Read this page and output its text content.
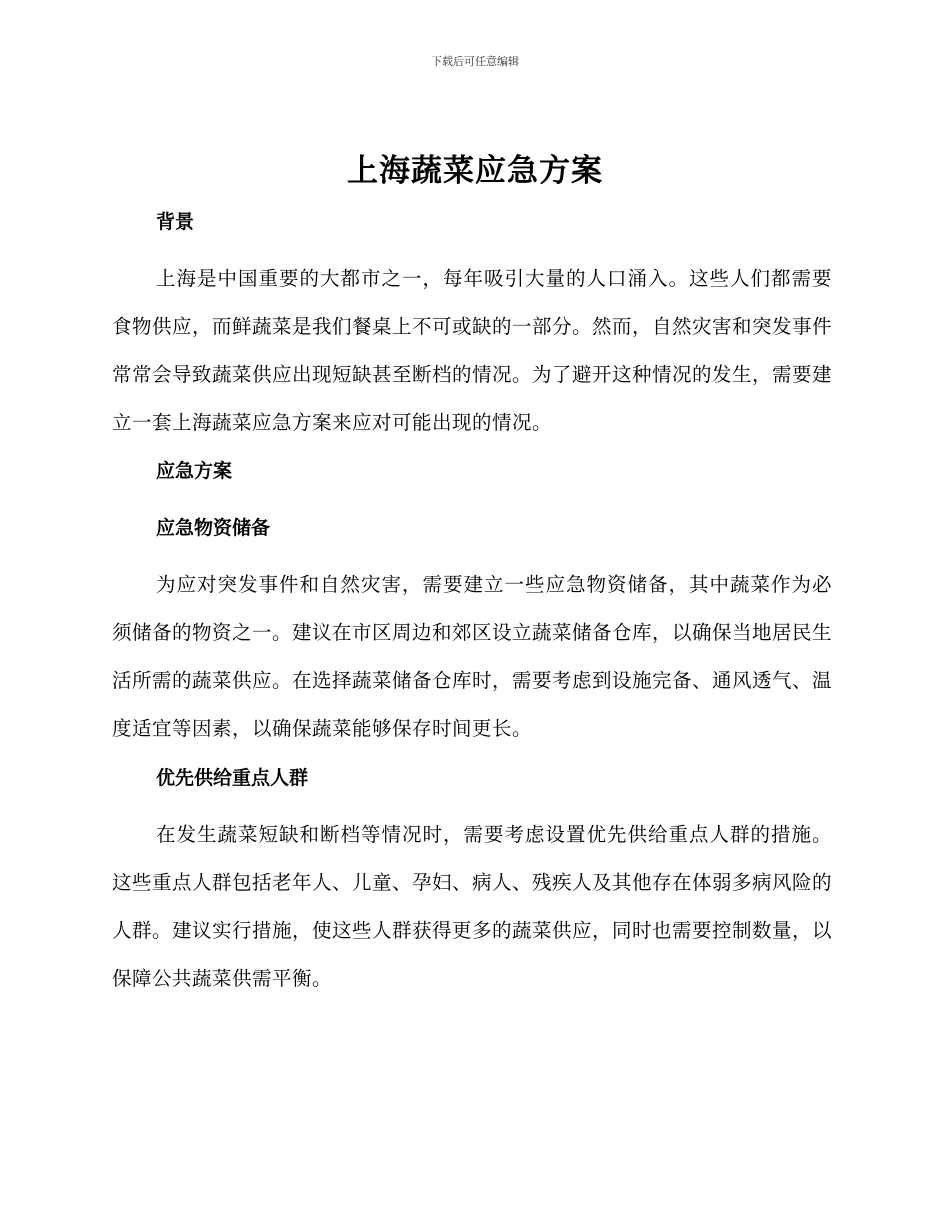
下载后可任意编辑
上海蔬菜应急方案
背景

上海是中国重要的大都市之一，每年吸引大量的人口涌入。这些人们都需要食物供应，而鲜蔬菜是我们餐桌上不可或缺的一部分。然而，自然灾害和突发事件常常会导致蔬菜供应出现短缺甚至断档的情况。为了避开这种情况的发生，需要建立一套上海蔬菜应急方案来应对可能出现的情况。

应急方案
应急物资储备

为应对突发事件和自然灾害，需要建立一些应急物资储备，其中蔬菜作为必须储备的物资之一。建议在市区周边和郊区设立蔬菜储备仓库，以确保当地居民生活所需的蔬菜供应。在选择蔬菜储备仓库时，需要考虑到设施完备、通风透气、温度适宜等因素，以确保蔬菜能够保存时间更长。

优先供给重点人群

在发生蔬菜短缺和断档等情况时，需要考虑设置优先供给重点人群的措施。这些重点人群包括老年人、儿童、孕妇、病人、残疾人及其他存在体弱多病风险的人群。建议实行措施，使这些人群获得更多的蔬菜供应，同时也需要控制数量，以保障公共蔬菜供需平衡。
